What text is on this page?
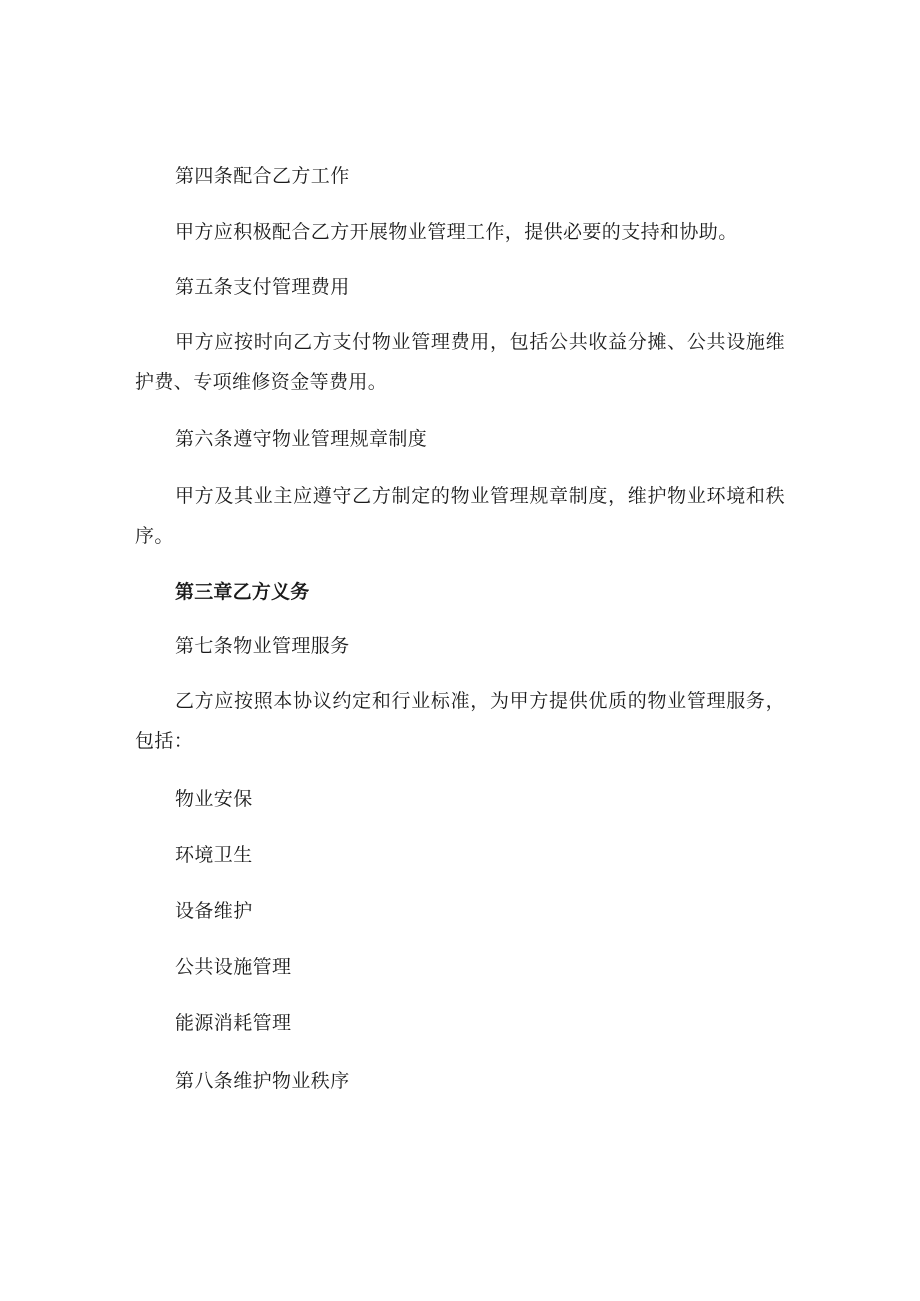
第四条配合乙方工作
甲方应积极配合乙方开展物业管理工作，提供必要的支持和协助。
第五条支付管理费用
甲方应按时向乙方支付物业管理费用，包括公共收益分摊、公共设施维护费、专项维修资金等费用。
第六条遵守物业管理规章制度
甲方及其业主应遵守乙方制定的物业管理规章制度，维护物业环境和秩序。
第三章乙方义务
第七条物业管理服务
乙方应按照本协议约定和行业标准，为甲方提供优质的物业管理服务，包括：
物业安保
环境卫生
设备维护
公共设施管理
能源消耗管理
第八条维护物业秩序
